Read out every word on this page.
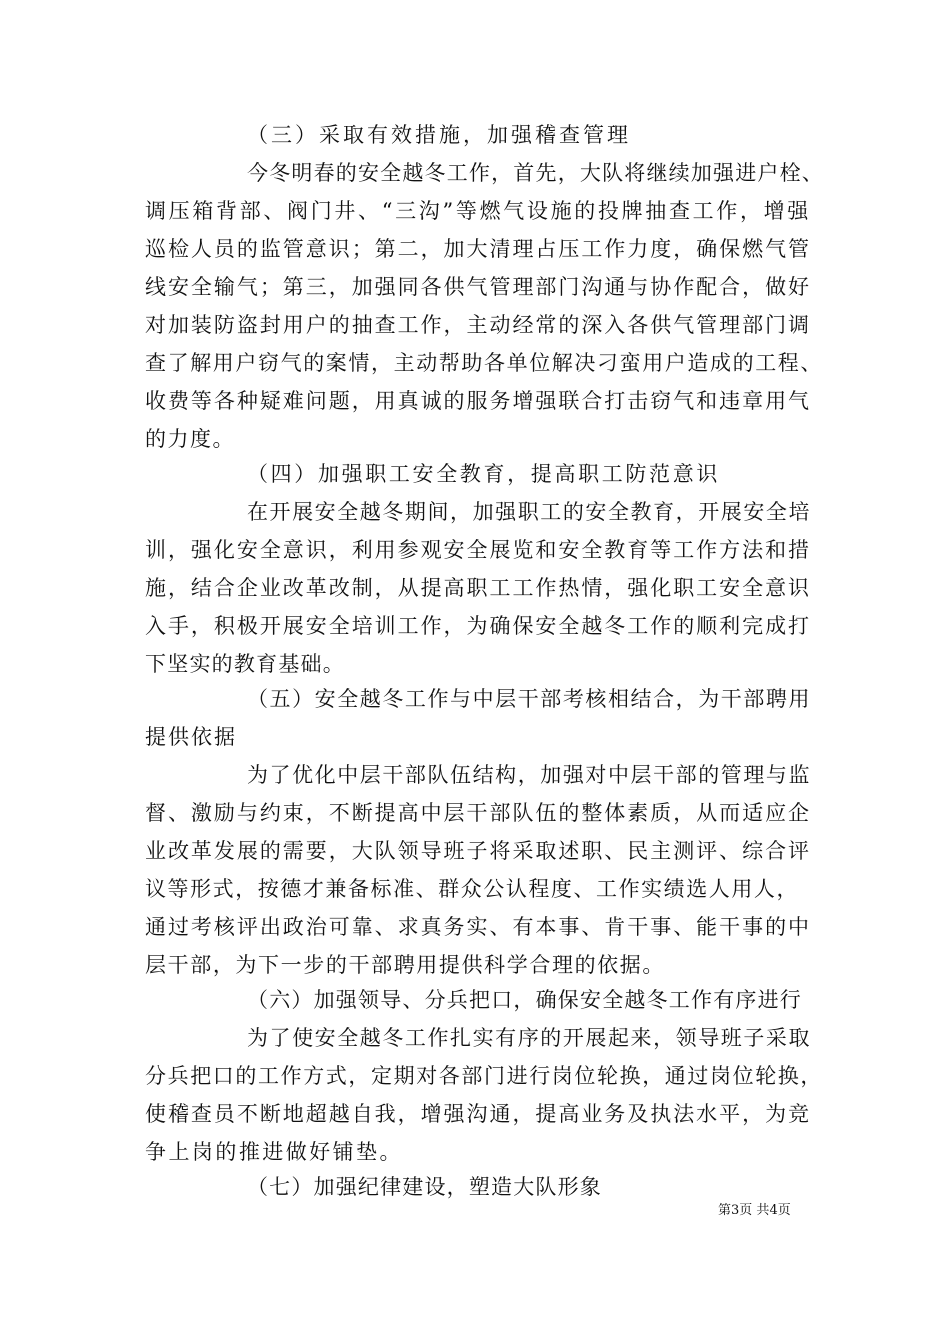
（三）采取有效措施，加强稽查管理
今冬明春的安全越冬工作，首先，大队将继续加强进户栓、
调压箱背部、阀门井、“三沟”等燃气设施的投牌抽查工作，增强
巡检人员的监管意识；第二，加大清理占压工作力度，确保燃气管
线安全输气；第三，加强同各供气管理部门沟通与协作配合，做好
对加装防盗封用户的抽查工作，主动经常的深入各供气管理部门调
查了解用户窃气的案情，主动帮助各单位解决刁蛮用户造成的工程、
收费等各种疑难问题，用真诚的服务增强联合打击窃气和违章用气
的力度。
（四）加强职工安全教育，提高职工防范意识
在开展安全越冬期间，加强职工的安全教育，开展安全培
训，强化安全意识，利用参观安全展览和安全教育等工作方法和措
施，结合企业改革改制，从提高职工工作热情，强化职工安全意识
入手，积极开展安全培训工作，为确保安全越冬工作的顺利完成打
下坚实的教育基础。
（五）安全越冬工作与中层干部考核相结合，为干部聘用
提供依据
为了优化中层干部队伍结构，加强对中层干部的管理与监
督、激励与约束，不断提高中层干部队伍的整体素质，从而适应企
业改革发展的需要，大队领导班子将采取述职、民主测评、综合评
议等形式，按德才兼备标准、群众公认程度、工作实绩选人用人，
通过考核评出政治可靠、求真务实、有本事、肯干事、能干事的中
层干部，为下一步的干部聘用提供科学合理的依据。
（六）加强领导、分兵把口，确保安全越冬工作有序进行
为了使安全越冬工作扎实有序的开展起来，领导班子采取
分兵把口的工作方式，定期对各部门进行岗位轮换，通过岗位轮换，
使稽查员不断地超越自我，增强沟通，提高业务及执法水平，为竞
争上岗的推进做好铺垫。
（七）加强纪律建设，塑造大队形象
第3页 共4页
